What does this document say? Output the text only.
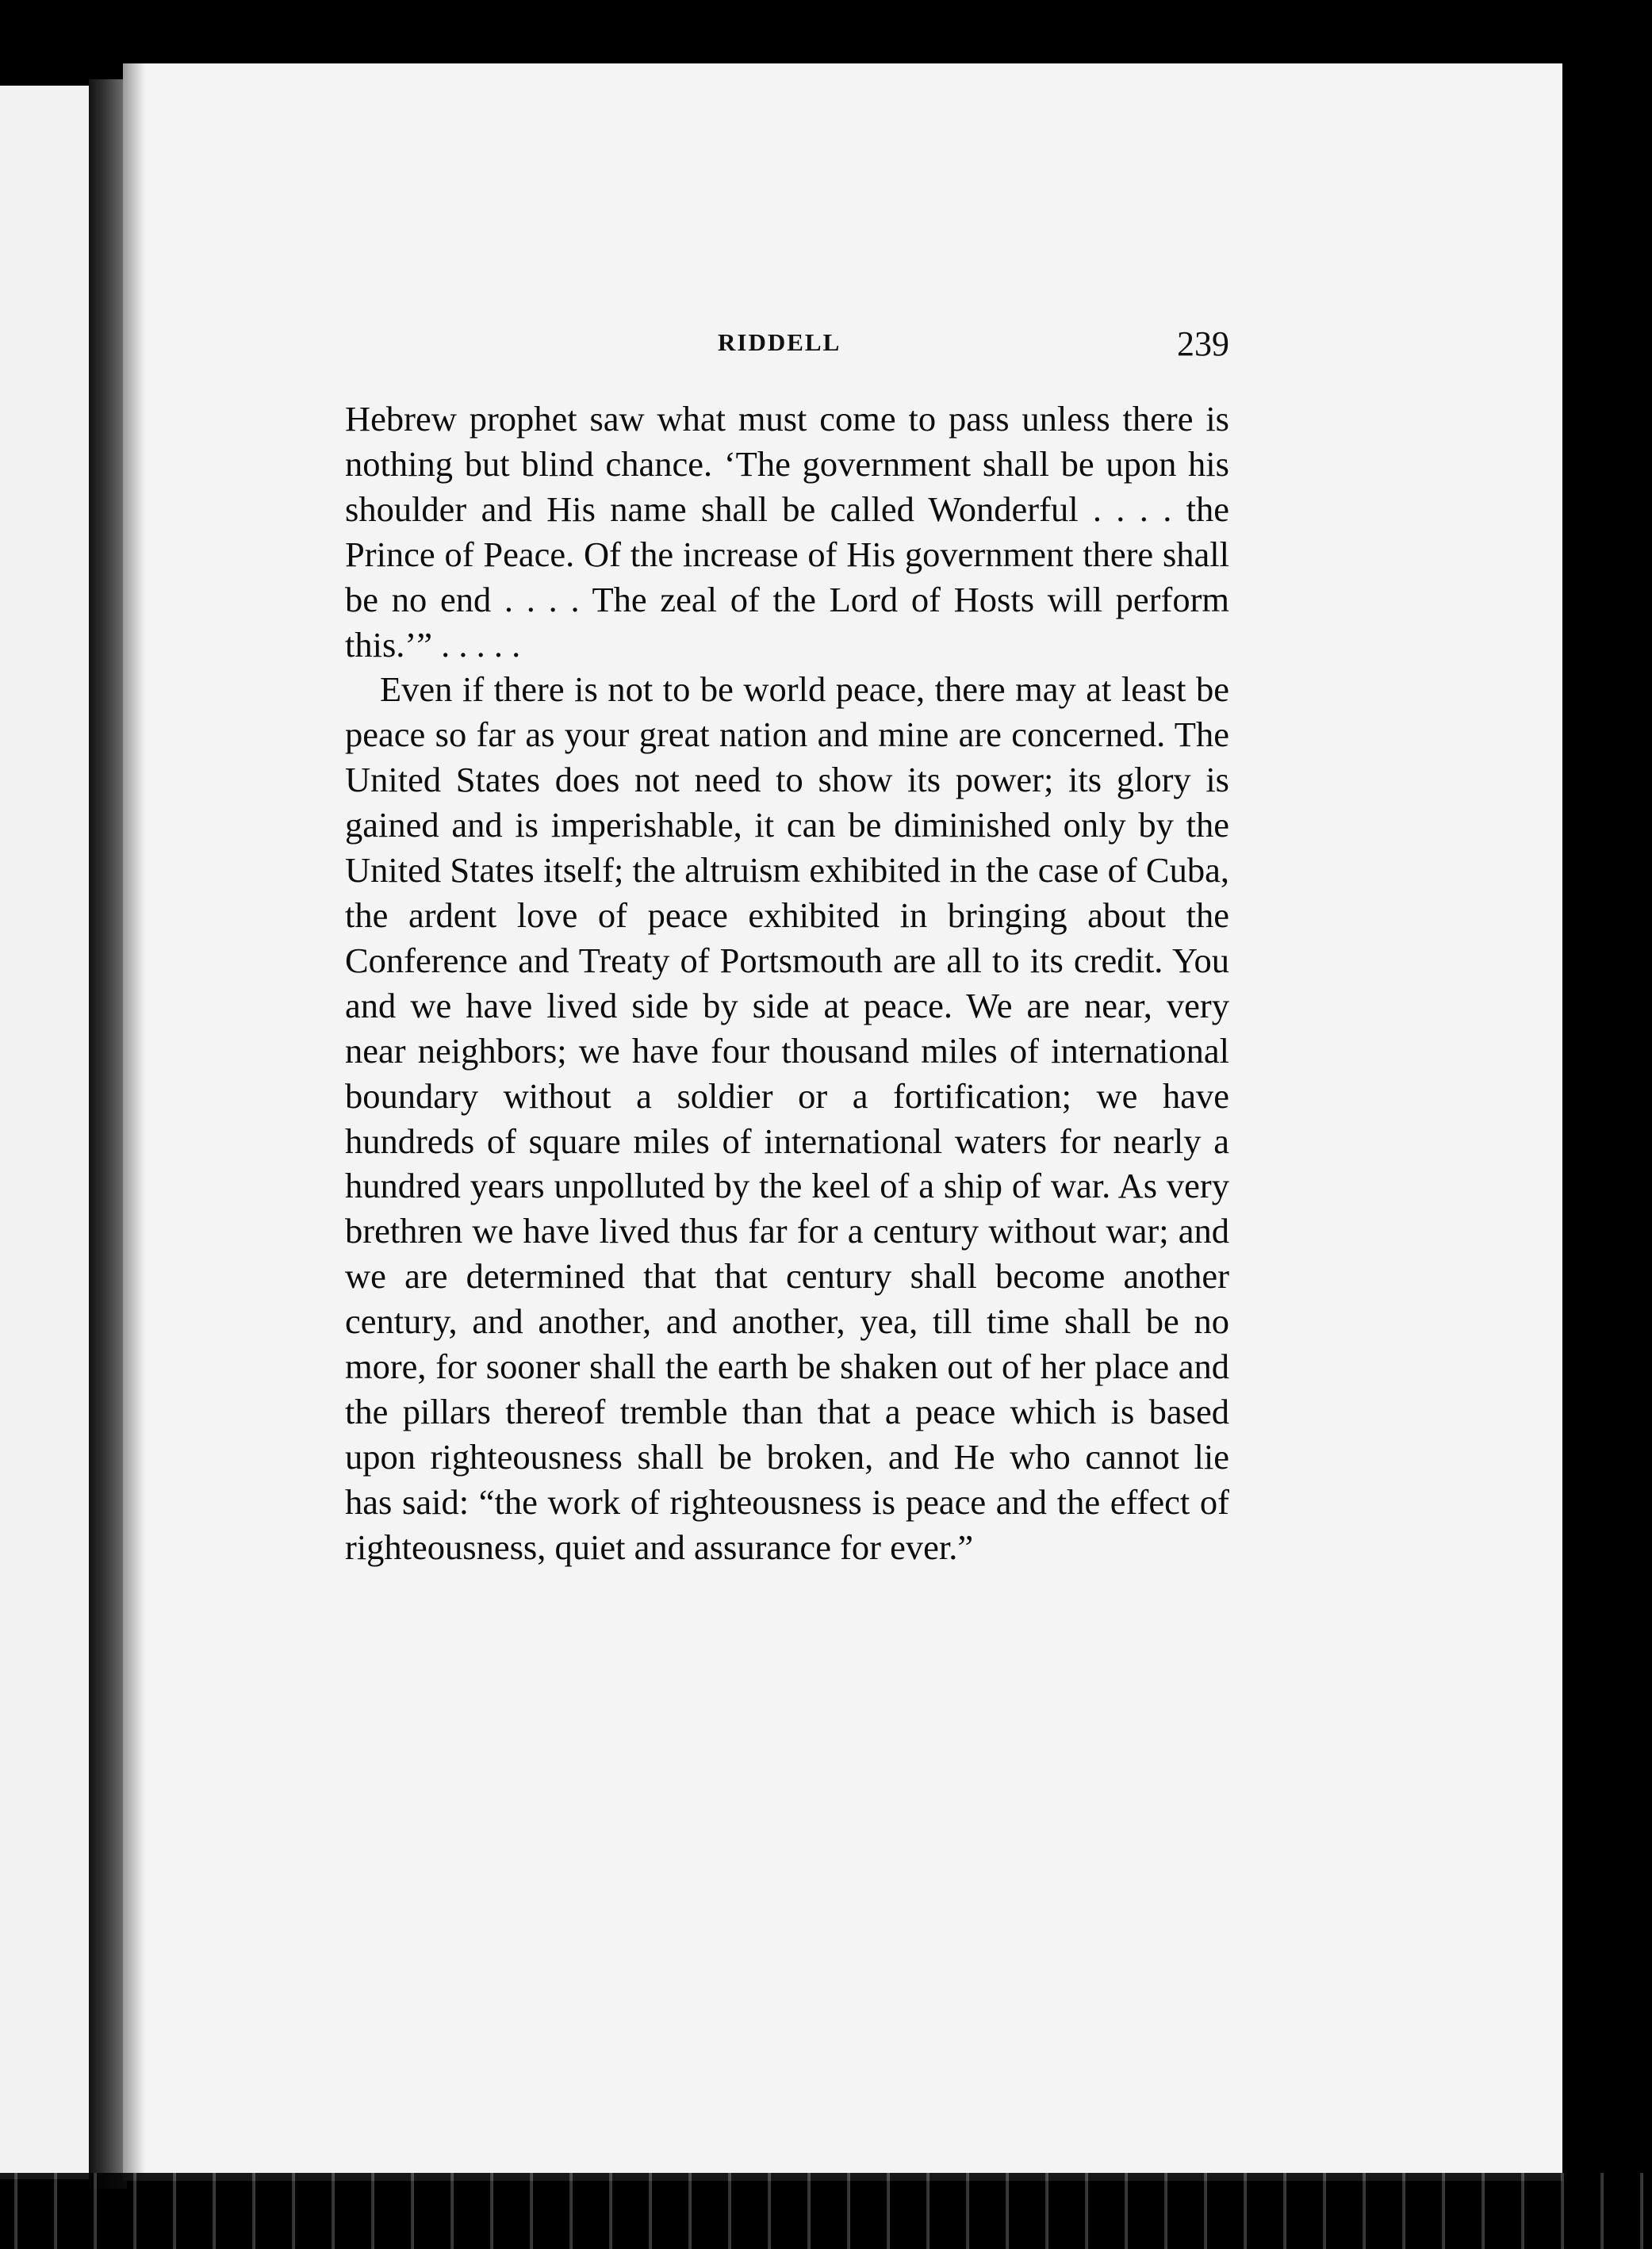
RIDDELL	239

Hebrew prophet saw what must come to pass unless there is nothing but blind chance. ‘The government shall be upon his shoulder and His name shall be called Wonderful . . . . the Prince of Peace. Of the increase of His government there shall be no end . . . . The zeal of the Lord of Hosts will perform this.’” . . . . .

Even if there is not to be world peace, there may at least be peace so far as your great nation and mine are concerned. The United States does not need to show its power; its glory is gained and is imperishable, it can be diminished only by the United States itself; the altruism exhibited in the case of Cuba, the ardent love of peace exhibited in bringing about the Conference and Treaty of Portsmouth are all to its credit. You and we have lived side by side at peace. We are near, very near neighbors; we have four thousand miles of international boundary without a soldier or a fortification; we have hundreds of square miles of international waters for nearly a hundred years unpolluted by the keel of a ship of war. As very brethren we have lived thus far for a century without war; and we are determined that that century shall become another century, and another, and another, yea, till time shall be no more, for sooner shall the earth be shaken out of her place and the pillars thereof tremble than that a peace which is based upon righteousness shall be broken, and He who cannot lie has said: “the work of righteousness is peace and the effect of righteousness, quiet and assurance for ever.”
